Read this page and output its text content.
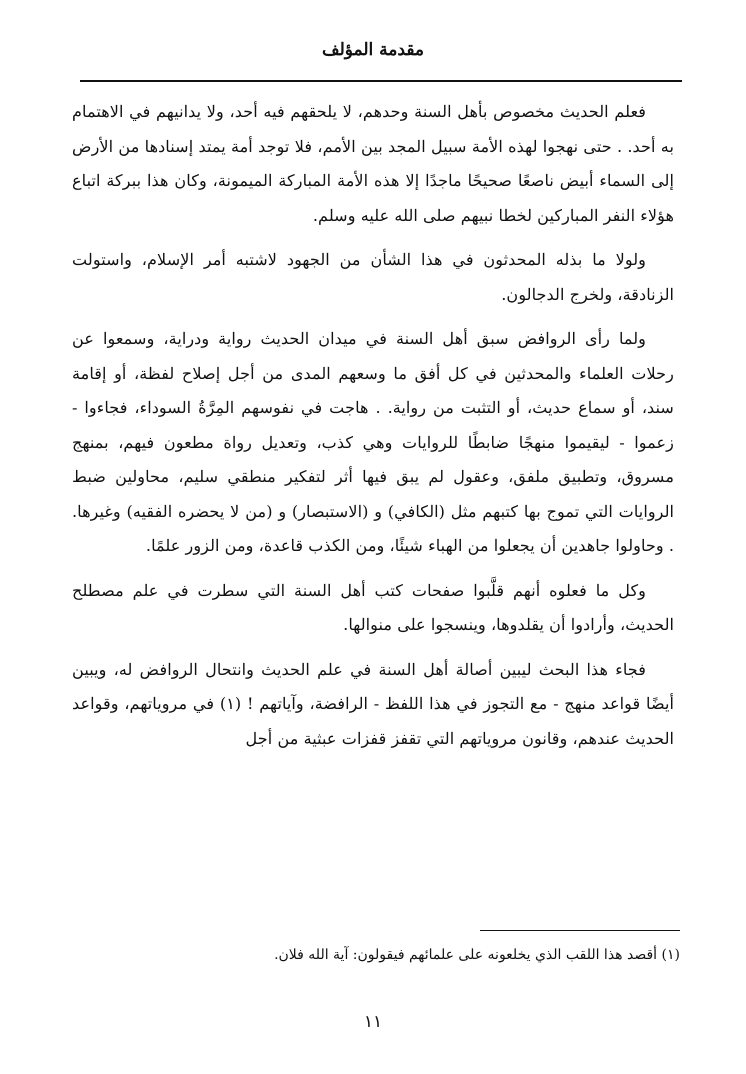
مقدمة المؤلف

فعلم الحديث مخصوص بأهل السنة وحدهم، لا يلحقهم فيه أحد، ولا يدانيهم في الاهتمام به أحد. . حتى نهجوا لهذه الأمة سبيل المجد بين الأمم، فلا توجد أمة يمتد إسنادها من الأرض إلى السماء أبيض ناصعًا صحيحًا ماجدًا إلا هذه الأمة المباركة الميمونة، وكان هذا ببركة اتباع هؤلاء النفر المباركين لخطا نبيهم صلى الله عليه وسلم.

ولولا ما بذله المحدثون في هذا الشأن من الجهود لاشتبه أمر الإسلام، واستولت الزنادقة، ولخرج الدجالون.

ولما رأى الروافض سبق أهل السنة في ميدان الحديث رواية ودراية، وسمعوا عن رحلات العلماء والمحدثين في كل أفق ما وسعهم المدى من أجل إصلاح لفظة، أو إقامة سند، أو سماع حديث، أو التثبت من رواية. . هاجت في نفوسهم المِرَّةُ السوداء، فجاءوا - زعموا - ليقيموا منهجًا ضابطًا للروايات وهي كذب، وتعديل رواة مطعون فيهم، بمنهج مسروق، وتطبيق ملفق، وعقول لم يبق فيها أثر لتفكير منطقي سليم، محاولين ضبط الروايات التي تموج بها كتبهم مثل (الكافي) و (الاستبصار) و (من لا يحضره الفقيه) وغيرها. . وحاولوا جاهدين أن يجعلوا من الهباء شيئًا، ومن الكذب قاعدة، ومن الزور علمًا.

وكل ما فعلوه أنهم قلَّبوا صفحات كتب أهل السنة التي سطرت في علم مصطلح الحديث، وأرادوا أن يقلدوها، وينسجوا على منوالها.

فجاء هذا البحث ليبين أصالة أهل السنة في علم الحديث وانتحال الروافض له، ويبين أيضًا قواعد منهج - مع التجوز في هذا اللفظ - الرافضة، وآياتهم ! (١) في مروياتهم، وقواعد الحديث عندهم، وقانون مروياتهم التي تقفز قفزات عبثية من أجل

(١) أقصد هذا اللقب الذي يخلعونه على علمائهم فيقولون: آية الله فلان.
١١
